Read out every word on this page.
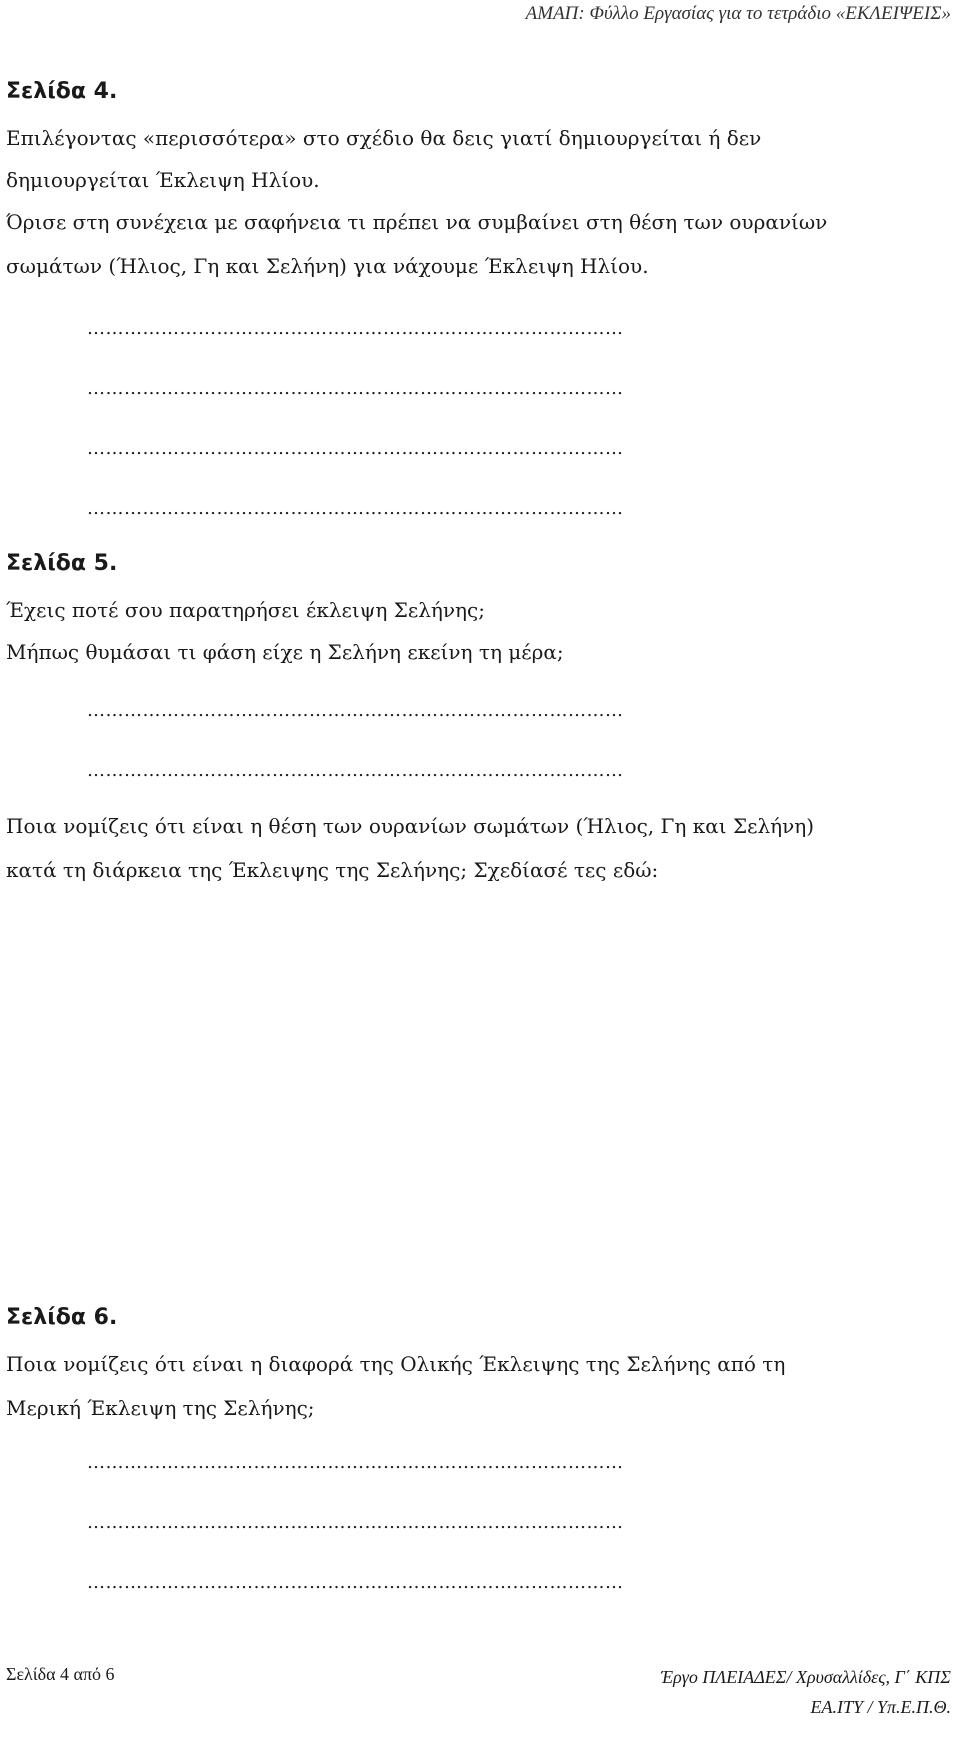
ΑΜΑΠ: Φύλλο Εργασίας για το τετράδιο «ΕΚΛΕΙΨΕΙΣ»
Σελίδα 4.
Επιλέγοντας «περισσότερα» στο σχέδιο θα δεις γιατί δημιουργείται ή δεν
δημιουργείται Έκλειψη Ηλίου.
Όρισε στη συνέχεια με σαφήνεια τι πρέπει να συμβαίνει στη θέση των ουρανίων
σωμάτων (Ήλιος, Γη και Σελήνη) για νάχουμε Έκλειψη Ηλίου.
……………………………………………………………………………
……………………………………………………………………………
……………………………………………………………………………
……………………………………………………………………………
Σελίδα 5.
Έχεις ποτέ σου παρατηρήσει έκλειψη Σελήνης;
Μήπως θυμάσαι τι φάση είχε η Σελήνη εκείνη τη μέρα;
……………………………………………………………………………
……………………………………………………………………………
Ποια νομίζεις ότι είναι η θέση των ουρανίων σωμάτων (Ήλιος, Γη και Σελήνη)
κατά τη διάρκεια της Έκλειψης της Σελήνης; Σχεδίασέ τες εδώ:
Σελίδα 6.
Ποια νομίζεις ότι είναι η διαφορά της Ολικής Έκλειψης της Σελήνης από τη
Μερική Έκλειψη της Σελήνης;
……………………………………………………………………………
……………………………………………………………………………
……………………………………………………………………………
Σελίδα 4 από 6	Έργο ΠΛΕΙΑΔΕΣ/ Χρυσαλλίδες, Γ΄ ΚΠΣ
ΕΑ.ΙΤΥ / Υπ.Ε.Π.Θ.
